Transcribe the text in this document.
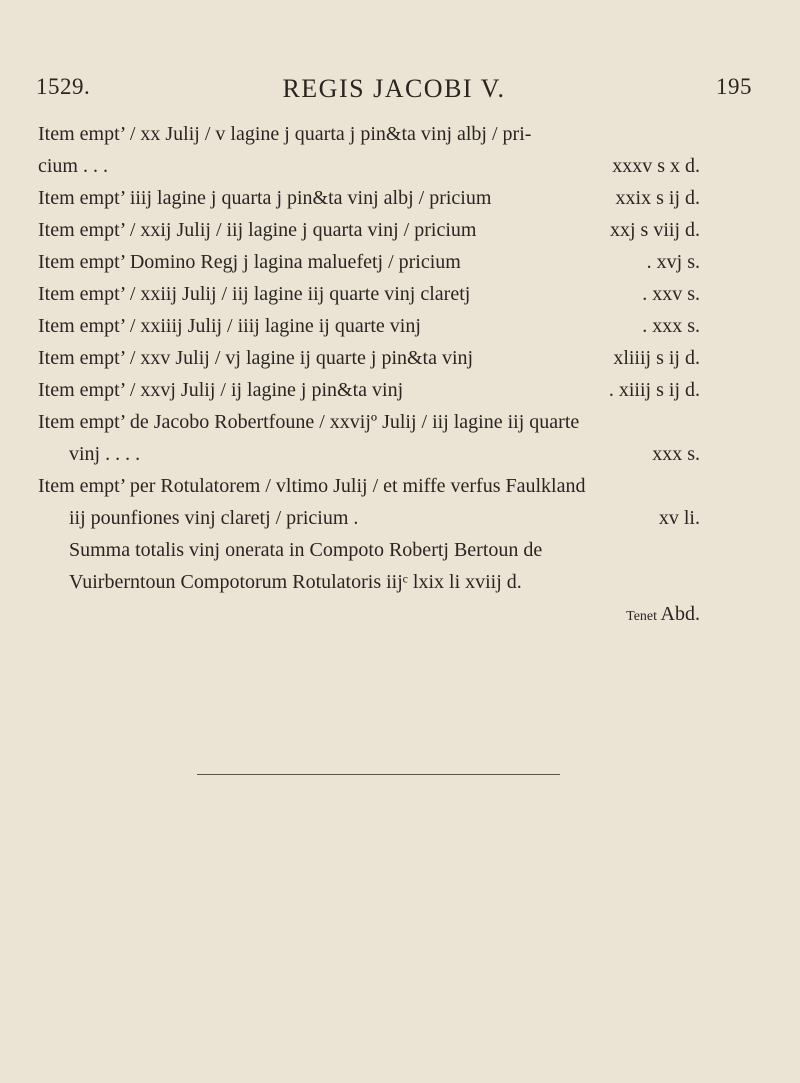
1529.	REGIS JACOBI V.	195
Item empt’ / xx Julij / v lagine j quarta j pin&ta vinj albj / pri-
cium . . .	xxxv s x d.
Item empt’ iiij lagine j quarta j pin&ta vinj albj / pricium	xxix s ij d.
Item empt’ / xxij Julij / iij lagine j quarta vinj / pricium	xxj s viij d.
Item empt’ Domino Regj j lagina maluefetj / pricium	. xvj s.
Item empt’ / xxiij Julij / iij lagine iij quarte vinj claretj	. xxv s.
Item empt’ / xxiiij Julij / iiij lagine ij quarte vinj	. xxx s.
Item empt’ / xxv Julij / vj lagine ij quarte j pin&ta vinj	xliiij s ij d.
Item empt’ / xxvj Julij / ij lagine j pin&ta vinj	. xiiij s ij d.
Item empt’ de Jacobo Robertfoune / xxvijº Julij / iij lagine iij quarte
vinj . . . .	xxx s.
Item empt’ per Rotulatorem / vltimo Julij / et miffe verfus Faulkland
iij pounfiones vinj claretj / pricium .	xv li.
Summa totalis vinj onerata in Compoto Robertj Bertoun de
Vuirberntoun Compotorum Rotulatoris iijᶜ lxix li xviij d.
Tenet Abd.
